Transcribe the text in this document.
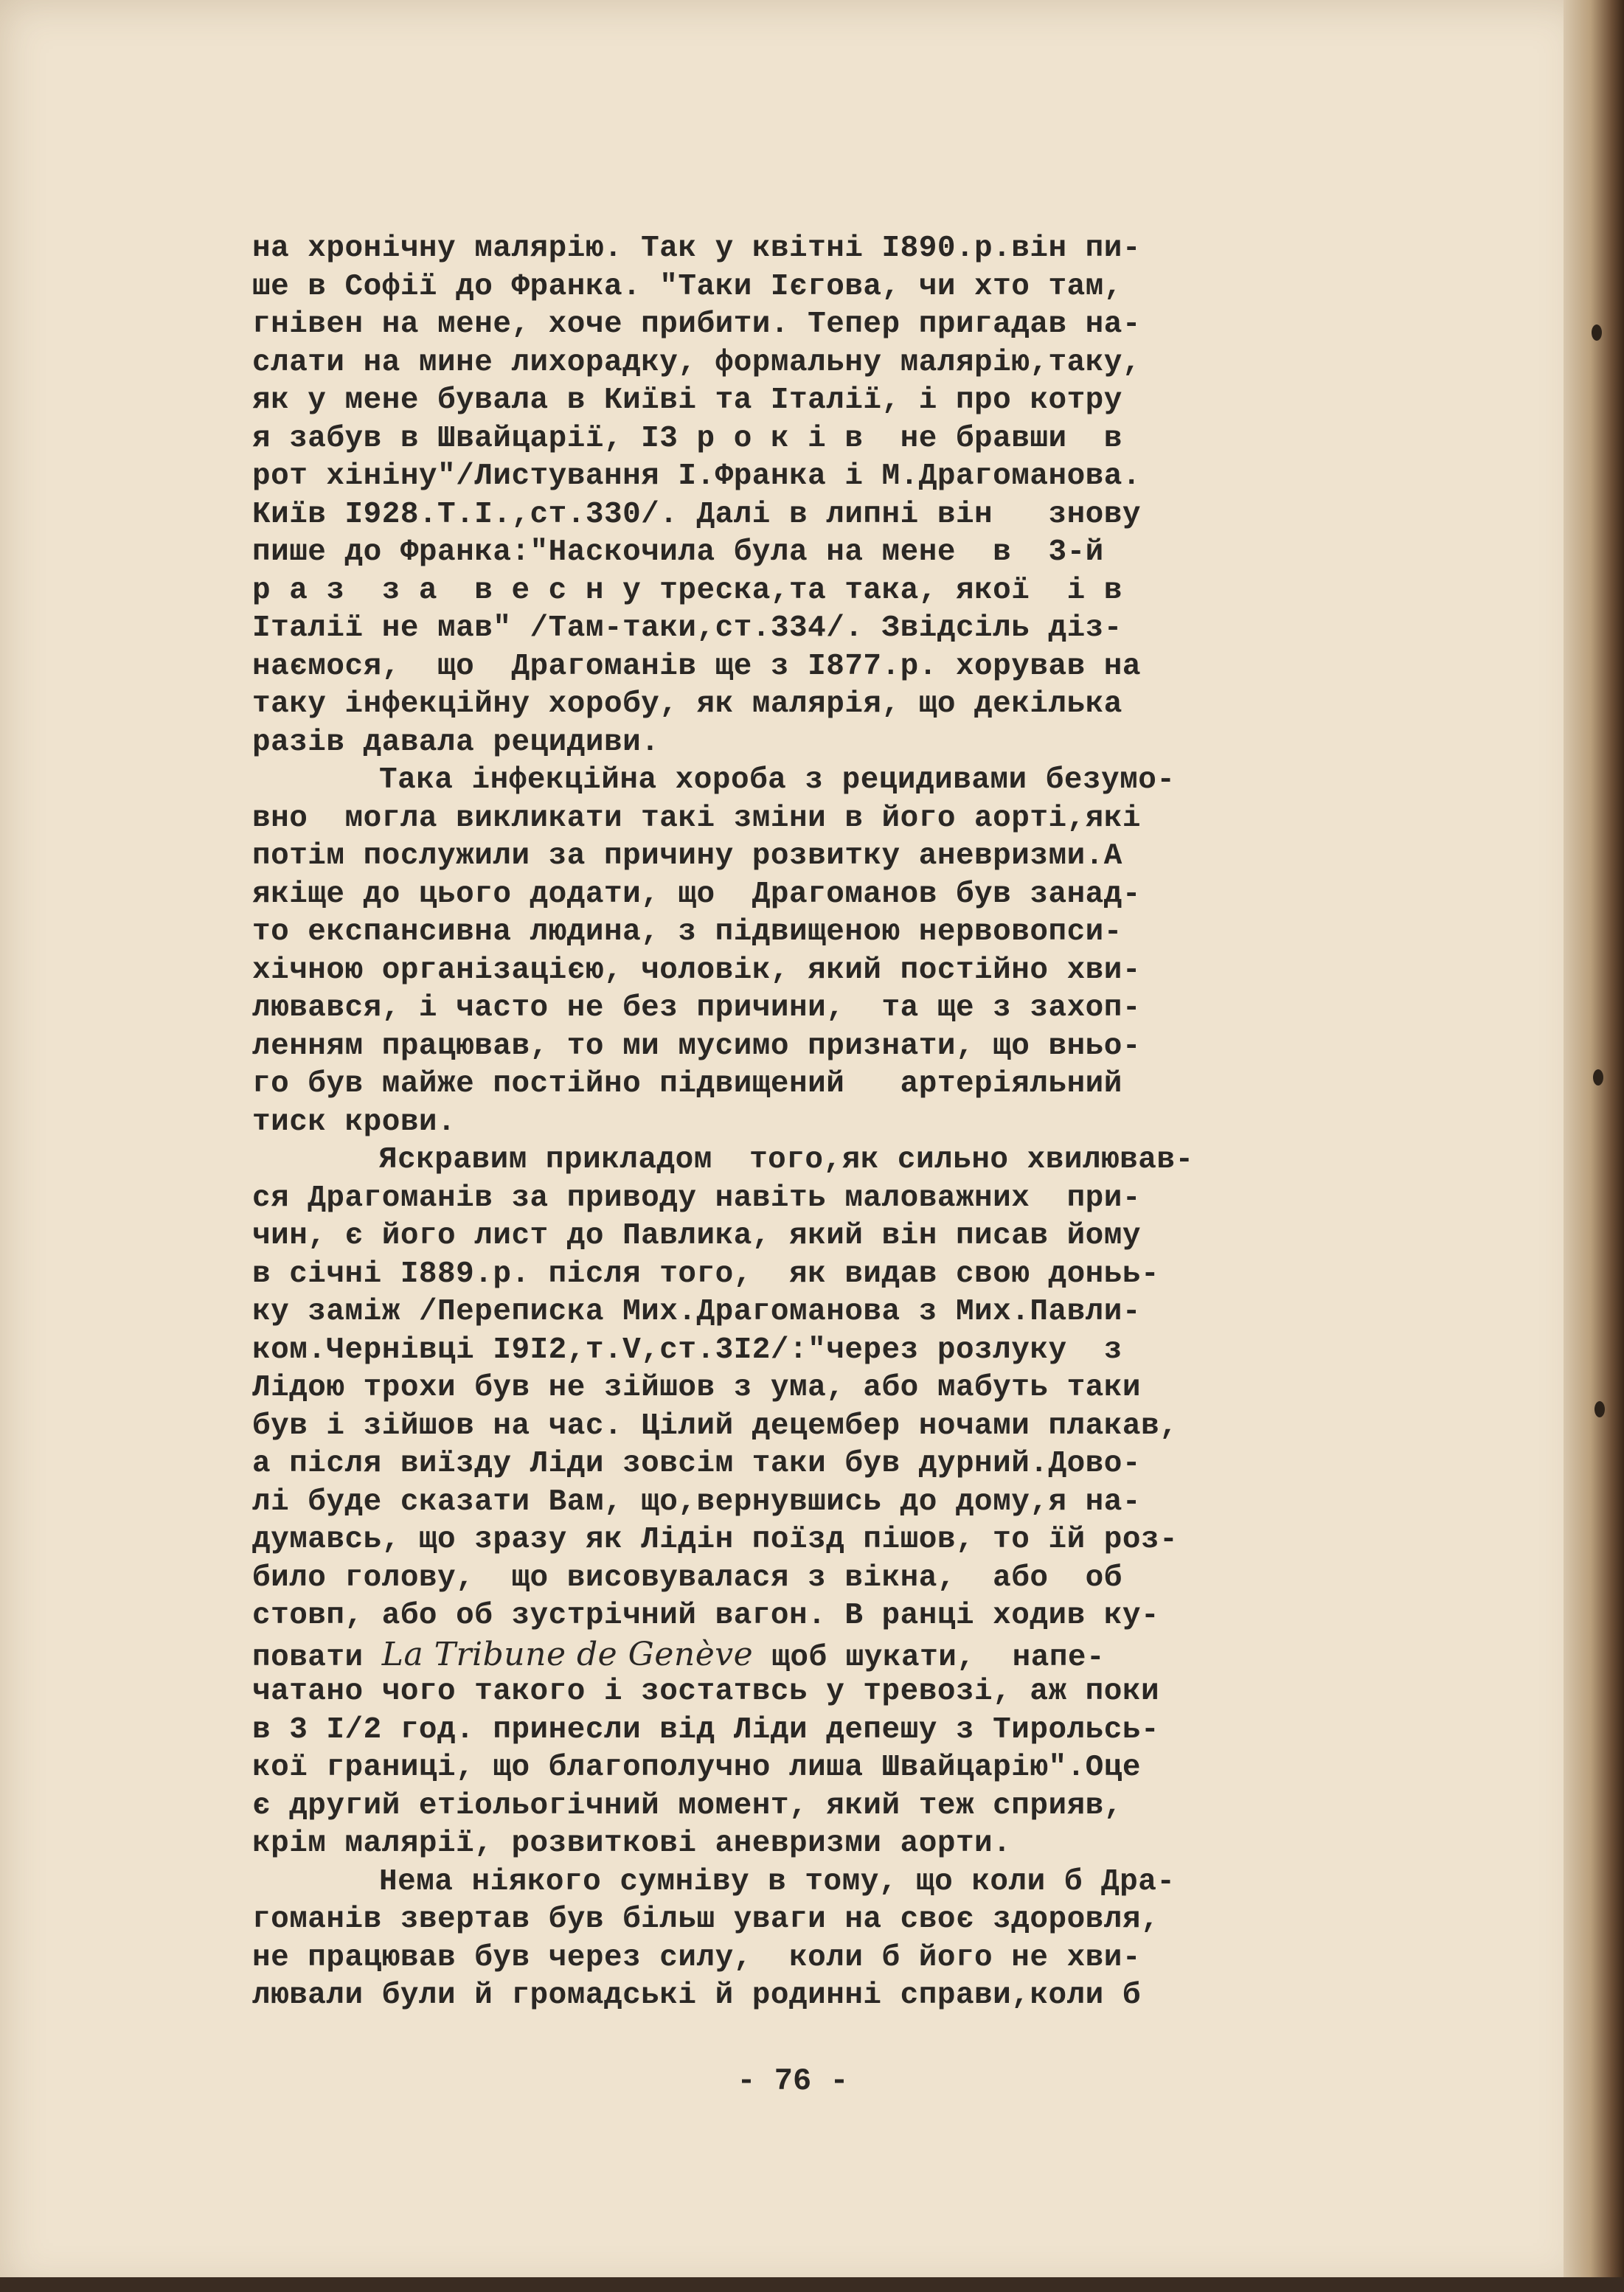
на хронічну малярію. Так у квітні І890.р.він пи-
ше в Софії до Франка. "Таки Ієгова, чи хто там,
гнівен на мене, хоче прибити. Тепер пригадав на-
слати на мине лихорадку, формальну малярію,таку,
як у мене бувала в Київі та Італії, і про котру
я забув в Швайцарії, І3 р о к і в  не бравши  в
рот хініну"/Листування І.Франка і М.Драгоманова.
Київ І928.Т.І.,ст.330/. Далі в липні він   знову
пише до Франка:"Наскочила була на мене  в  3-й
р а з  з а  в е с н у треска,та така, якої  і в
Італії не мав" /Там-таки,ст.334/. Звідсіль діз-
наємося,  що  Драгоманів ще з І877.р. хорував на
таку інфекційну хоробу, як малярія, що декілька
разів давала рецидиви.
Така інфекційна хороба з рецидивами безумо-
вно  могла викликати такі зміни в його аорті,які
потім послужили за причину розвитку аневризми.А
якіще до цього додати, що  Драгоманов був занад-
то експансивна людина, з підвищеною нервовопси-
хічною організацією, чоловік, який постійно хви-
лювався, і часто не без причини,  та ще з захоп-
ленням працював, то ми мусимо признати, що вньо-
го був майже постійно підвищений   артеріяльний
тиск крови.
Яскравим прикладом  того,як сильно хвилював-
ся Драгоманів за приводу навіть маловажних  при-
чин, є його лист до Павлика, який він писав йому
в січні І889.р. після того,  як видав свою доньь-
ку заміж /Переписка Мих.Драгоманова з Мих.Павли-
ком.Чернівці І9І2,т.V,ст.3І2/:"через розлуку  з
Лідою трохи був не зійшов з ума, або мабуть таки
був і зійшов на час. Цілий децембер ночами плакав,
а після виїзду Ліди зовсім таки був дурний.Дово-
лі буде сказати Вам, що,вернувшись до дому,я на-
думавсь, що зразу як Лідін поїзд пішов, то їй роз-
било голову,  що висовувалася з вікна,  або  об
стовп, або об зустрічний вагон. В ранці ходив ку-
повати La Tribune de Genève щоб шукати,  напе-
чатано чого такого і зостатвсь у тревозі, аж поки
в 3 І/2 год. принесли від Ліди депешу з Тирольсь-
кої границі, що благополучно лиша Швайцарію".Оце
є другий етіольогічний момент, який теж сприяв,
крім малярії, розвиткові аневризми аорти.
Нема ніякого сумніву в тому, що коли б Дра-
гоманів звертав був більш уваги на своє здоровля,
не працював був через силу,  коли б його не хви-
лювали були й громадські й родинні справи,коли б
- 76 -
